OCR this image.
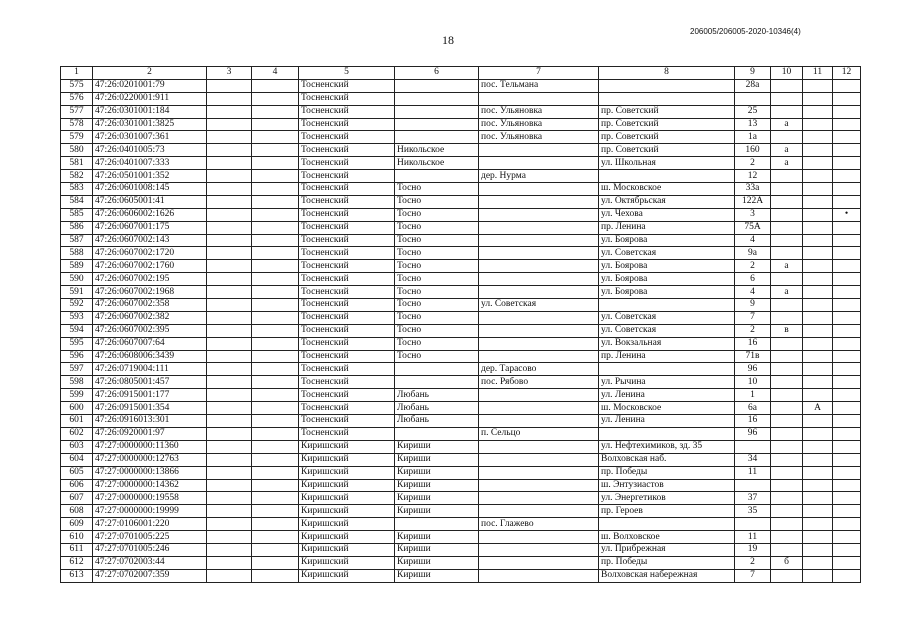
18
206005/206005-2020-10346(4)
1	2	3	4	5	6	7	8	9	10	11	12
575	47:26:0201001:79			Тосненский		пос. Тельмана		28а			
576	47:26:0220001:911			Тосненский							
577	47:26:0301001:184			Тосненский		пос. Ульяновка	пр. Советский	25			
578	47:26:0301001:3825			Тосненский		пос. Ульяновка	пр. Советский	13	а		
579	47:26:0301007:361			Тосненский		пос. Ульяновка	пр. Советский	1а			
580	47:26:0401005:73			Тосненский	Никольское		пр. Советский	160	а		
581	47:26:0401007:333			Тосненский	Никольское		ул. Школьная	2	а		
582	47:26:0501001:352			Тосненский		дер. Нурма		12			
583	47:26:0601008:145			Тосненский	Тосно		ш. Московское	33а			
584	47:26:0605001:41			Тосненский	Тосно		ул. Октябрьская	122А			
585	47:26:0606002:1626			Тосненский	Тосно		ул. Чехова	3			•
586	47:26:0607001:175			Тосненский	Тосно		пр. Ленина	75А			
587	47:26:0607002:143			Тосненский	Тосно		ул. Боярова	4			
588	47:26:0607002:1720			Тосненский	Тосно		ул. Советская	9а			
589	47:26:0607002:1760			Тосненский	Тосно		ул. Боярова	2	а		
590	47:26:0607002:195			Тосненский	Тосно		ул. Боярова	6			
591	47:26:0607002:1968			Тосненский	Тосно		ул. Боярова	4	а		
592	47:26:0607002:358			Тосненский	Тосно	ул. Советская		9			
593	47:26:0607002:382			Тосненский	Тосно		ул. Советская	7			
594	47:26:0607002:395			Тосненский	Тосно		ул. Советская	2	в		
595	47:26:0607007:64			Тосненский	Тосно		ул. Вокзальная	16			
596	47:26:0608006:3439			Тосненский	Тосно		пр. Ленина	71в			
597	47:26:0719004:111			Тосненский		дер. Тарасово		96			
598	47:26:0805001:457			Тосненский		пос. Рябово	ул. Рычина	10			
599	47:26:0915001:177			Тосненский	Любань		ул. Ленина	1			
600	47:26:0915001:354			Тосненский	Любань		ш. Московское	6а		А	
601	47:26:0916013:301			Тосненский	Любань		ул. Ленина	16			
602	47:26:0920001:97			Тосненский		п. Сельцо		96			
603	47:27:0000000:11360			Киришский	Кириши		ул. Нефтехимиков, зд. 35				
604	47:27:0000000:12763			Киришский	Кириши		Волховская наб.	34			
605	47:27:0000000:13866			Киришский	Кириши		пр. Победы	11			
606	47:27:0000000:14362			Киришский	Кириши		ш. Энтузиастов				
607	47:27:0000000:19558			Киришский	Кириши		ул. Энергетиков	37			
608	47:27:0000000:19999			Киришский	Кириши		пр. Героев	35			
609	47:27:0106001:220			Киришский		пос. Глажево					
610	47:27:0701005:225			Киришский	Кириши		ш. Волховское	11			
611	47:27:0701005:246			Киришский	Кириши		ул. Прибрежная	19			
612	47:27:0702003:44			Киришский	Кириши		пр. Победы	2	б		
613	47:27:0702007:359			Киришский	Кириши		Волховская набережная	7			
